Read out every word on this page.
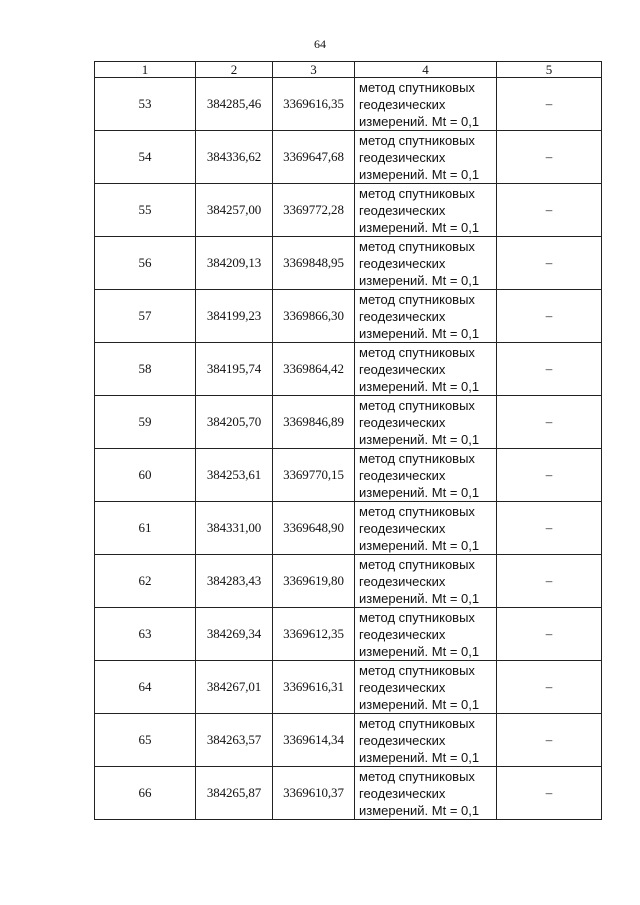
64
1	2	3	4	5
53	384285,46	3369616,35	метод спутниковых
геодезических
измерений. Mt = 0,1	–
54	384336,62	3369647,68	метод спутниковых
геодезических
измерений. Mt = 0,1	–
55	384257,00	3369772,28	метод спутниковых
геодезических
измерений. Mt = 0,1	–
56	384209,13	3369848,95	метод спутниковых
геодезических
измерений. Mt = 0,1	–
57	384199,23	3369866,30	метод спутниковых
геодезических
измерений. Mt = 0,1	–
58	384195,74	3369864,42	метод спутниковых
геодезических
измерений. Mt = 0,1	–
59	384205,70	3369846,89	метод спутниковых
геодезических
измерений. Mt = 0,1	–
60	384253,61	3369770,15	метод спутниковых
геодезических
измерений. Mt = 0,1	–
61	384331,00	3369648,90	метод спутниковых
геодезических
измерений. Mt = 0,1	–
62	384283,43	3369619,80	метод спутниковых
геодезических
измерений. Mt = 0,1	–
63	384269,34	3369612,35	метод спутниковых
геодезических
измерений. Mt = 0,1	–
64	384267,01	3369616,31	метод спутниковых
геодезических
измерений. Mt = 0,1	–
65	384263,57	3369614,34	метод спутниковых
геодезических
измерений. Mt = 0,1	–
66	384265,87	3369610,37	метод спутниковых
геодезических
измерений. Mt = 0,1	–
